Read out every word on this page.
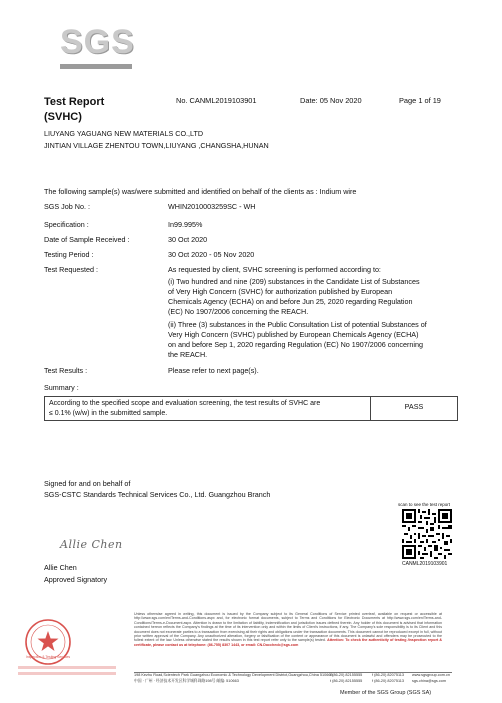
SGS
Test Report
(SVHC)
No. CANML2019103901	Date: 05 Nov 2020	Page 1 of 19
LIUYANG YAGUANG NEW MATERIALS CO.,LTD
JINTIAN VILLAGE ZHENTOU TOWN,LIUYANG ,CHANGSHA,HUNAN
The following sample(s) was/were submitted and identified on behalf of the clients as : Indium wire
SGS Job No. :	WHIN2010003259SC - WH
Specification :	In99.995%
Date of Sample Received :	30 Oct 2020
Testing Period :	30 Oct 2020 - 05 Nov 2020
Test Requested :	As requested by client, SVHC screening is performed according to:
(i) Two hundred and nine (209) substances in the Candidate List of Substances
of Very High Concern (SVHC) for authorization published by European
Chemicals Agency (ECHA) on and before Jun 25, 2020 regarding Regulation
(EC) No 1907/2006 concerning the REACH.
(ii) Three (3) substances in the Public Consultation List of potential Substances of
Very High Concern (SVHC) published by European Chemicals Agency (ECHA)
on and before Sep 1, 2020 regarding Regulation (EC) No 1907/2006 concerning
the REACH.
Test Results :	Please refer to next page(s).
Summary :
According to the specified scope and evaluation screening, the test results of SVHC are
≤ 0.1% (w/w) in the submitted sample.
PASS
Signed for and on behalf of
SGS-CSTC Standards Technical Services Co., Ltd. Guangzhou Branch
scan to see the test report
CANML2019103901
Allie Chen
Allie Chen
Approved Signatory
Inspection & Testing Services
Unless otherwise agreed in writing, this document is issued by the Company subject to its General Conditions of Service printed overleaf, available on request or accessible at http://www.sgs.com/en/Terms-and-Conditions.aspx and, for electronic format documents, subject to Terms and Conditions for Electronic Documents at http://www.sgs.com/en/Terms-and-Conditions/Terms-e-Document.aspx. Attention is drawn to the limitation of liability, indemnification and jurisdiction issues defined therein. Any holder of this document is advised that information contained hereon reflects the Company's findings at the time of its intervention only and within the limits of Client's instructions, if any. The Company's sole responsibility is to its Client and this document does not exonerate parties to a transaction from exercising all their rights and obligations under the transaction documents. This document cannot be reproduced except in full, without prior written approval of the Company. Any unauthorized alteration, forgery or falsification of the content or appearance of this document is unlawful and offenders may be prosecuted to the fullest extent of the law. Unless otherwise stated the results shown in this test report refer only to the sample(s) tested. Attention: To check the authenticity of testing /inspection report & certificate, please contact us at telephone: (86-755) 8307 1443, or email: CN.Doccheck@sgs.com
198 Kezhu Road,Scientech Park Guangzhou Economic & Technology Development District,Guangzhou,China 510663
中国 · 广州 · 经济技术开发区科学城科珠路198号 邮编: 510663
t (86-20) 82155555
t (86-20) 82155555
f (86-20) 82075113
f (86-20) 82075113
www.sgsgroup.com.cn
sgs.china@sgs.com
Member of the SGS Group (SGS SA)
